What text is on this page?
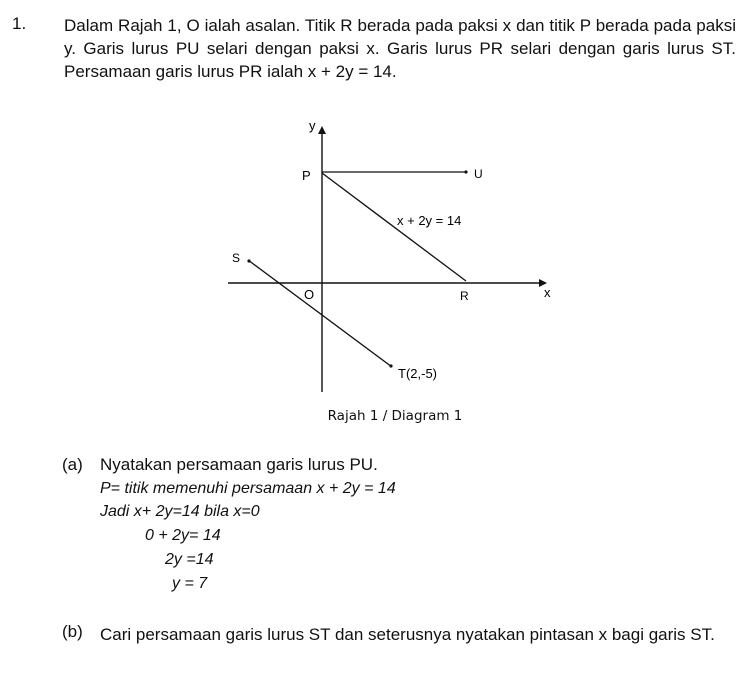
1. Dalam Rajah 1, O ialah asalan. Titik R berada pada paksi x dan titik P berada pada paksi y. Garis lurus PU selari dengan paksi x. Garis lurus PR selari dengan garis lurus ST. Persamaan garis lurus PR ialah x + 2y = 14.
y
P	U
x + 2y = 14
S
O	R	x
T(2,-5)
Rajah 1 / Diagram 1
(a) Nyatakan persamaan garis lurus PU.
P= titik memenuhi persamaan x + 2y = 14
Jadi x+ 2y=14 bila x=0
0 + 2y= 14
2y =14
y = 7
(b) Cari persamaan garis lurus ST dan seterusnya nyatakan pintasan x bagi garis ST.
